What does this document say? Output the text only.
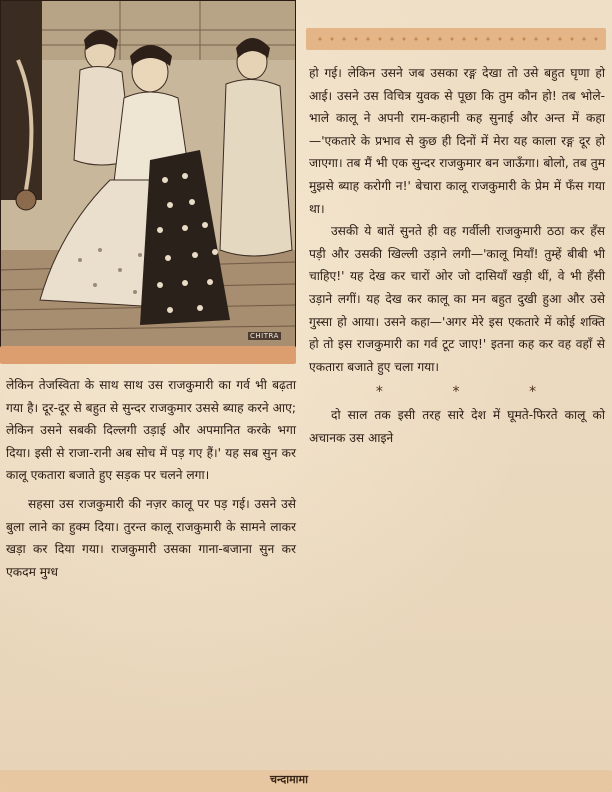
CHITRA
चन्दामामा

हो गई। लेकिन उसने जब उसका रङ्ग देखा तो उसे बहुत घृणा हो आई। उसने उस विचित्र युवक से पूछा कि तुम कौन हो! तब भोले-भाले कालू ने अपनी राम-कहानी कह सुनाई और अन्त में कहा—'एकतारे के प्रभाव से कुछ ही दिनों में मेरा यह काला रङ्ग दूर हो जाएगा। तब मैं भी एक सुन्दर राजकुमार बन जाऊँगा। बोलो, तब तुम मुझसे ब्याह करोगी न!' बेचारा कालू राजकुमारी के प्रेम में फँस गया था।

उसकी ये बातें सुनते ही वह गर्वीली राजकुमारी ठठा कर हँस पड़ी और उसकी खिल्ली उड़ाने लगी—'कालू मियाँ! तुम्हें बीबी भी चाहिए!' यह देख कर चारों ओर जो दासियाँ खड़ी थीं, वे भी हँसी उड़ाने लगीं। यह देख कर कालू का मन बहुत दुखी हुआ और उसे गुस्सा हो आया। उसने कहा—'अगर मेरे इस एकतारे में कोई शक्ति हो तो इस राजकुमारी का गर्व टूट जाए!' इतना कह कर वह वहाँ से एकतारा बजाते हुए चला गया।

*	*	*

दो साल तक इसी तरह सारे देश में घूमते-फिरते कालू को अचानक उस आइने

लेकिन तेजस्विता के साथ साथ उस राजकुमारी का गर्व भी बढ़ता गया है। दूर-दूर से बहुत से सुन्दर राजकुमार उससे ब्याह करने आए; लेकिन उसने सबकी दिल्लगी उड़ाई और अपमानित करके भगा दिया। इसी से राजा-रानी अब सोच में पड़ गए हैं।' यह सब सुन कर कालू एकतारा बजाते हुए सड़क पर चलने लगा।

सहसा उस राजकुमारी की नज़र कालू पर पड़ गई। उसने उसे बुला लाने का हुक्म दिया। तुरन्त कालू राजकुमारी के सामने लाकर खड़ा कर दिया गया। राजकुमारी उसका गाना-बजाना सुन कर एकदम मुग्ध
